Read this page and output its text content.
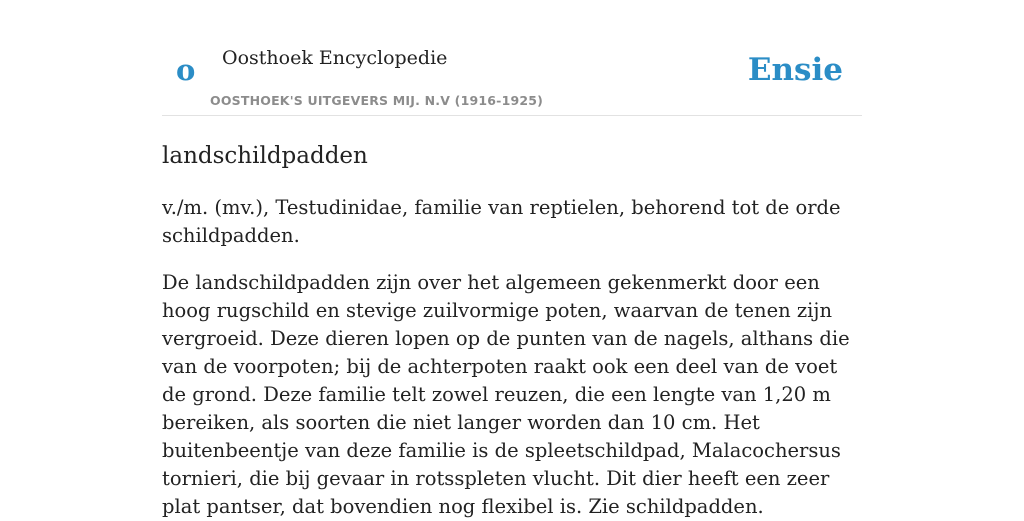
o Oosthoek Encyclopedie
OOSTHOEK'S UITGEVERS MIJ. N.V (1916-1925)
Ensie
landschildpadden

v./m. (mv.), Testudinidae, familie van reptielen, behorend tot de orde schildpadden.

De landschildpadden zijn over het algemeen gekenmerkt door een hoog rugschild en stevige zuilvormige poten, waarvan de tenen zijn vergroeid. Deze dieren lopen op de punten van de nagels, althans die van de voorpoten; bij de achterpoten raakt ook een deel van de voet de grond. Deze familie telt zowel reuzen, die een lengte van 1,20 m bereiken, als soorten die niet langer worden dan 10 cm. Het buitenbeentje van deze familie is de spleetschildpad, Malacochersus tornieri, die bij gevaar in rotsspleten vlucht. Dit dier heeft een zeer plat pantser, dat bovendien nog flexibel is. Zie schildpadden.
